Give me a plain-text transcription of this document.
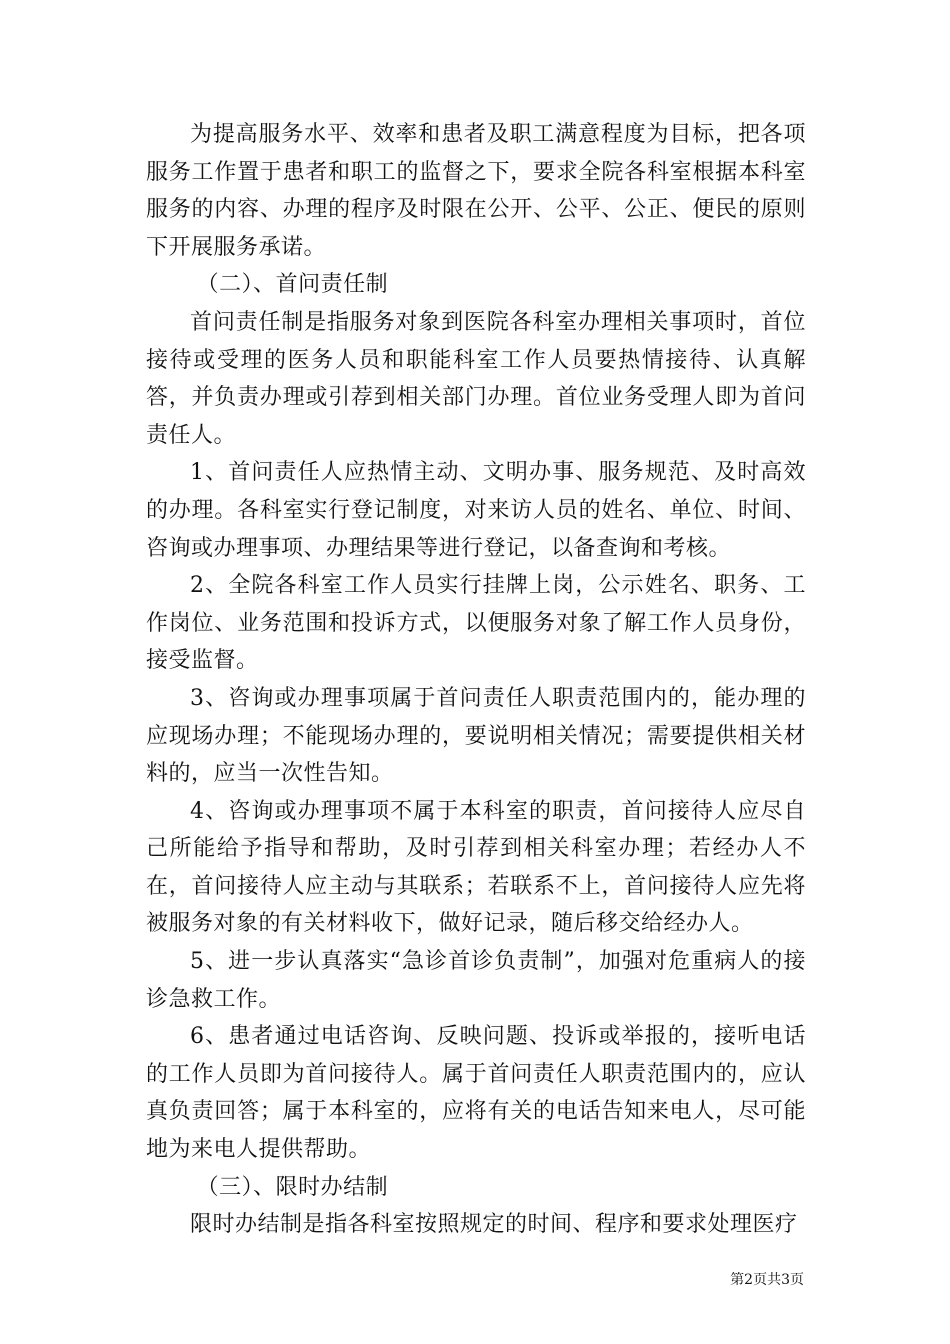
为提高服务水平、效率和患者及职工满意程度为目标，把各项服务工作置于患者和职工的监督之下，要求全院各科室根据本科室服务的内容、办理的程序及时限在公开、公平、公正、便民的原则下开展服务承诺。

（二）、首问责任制

首问责任制是指服务对象到医院各科室办理相关事项时，首位接待或受理的医务人员和职能科室工作人员要热情接待、认真解答，并负责办理或引荐到相关部门办理。首位业务受理人即为首问责任人。

1、首问责任人应热情主动、文明办事、服务规范、及时高效的办理。各科室实行登记制度，对来访人员的姓名、单位、时间、咨询或办理事项、办理结果等进行登记，以备查询和考核。

2、全院各科室工作人员实行挂牌上岗，公示姓名、职务、工作岗位、业务范围和投诉方式，以便服务对象了解工作人员身份，接受监督。

3、咨询或办理事项属于首问责任人职责范围内的，能办理的应现场办理；不能现场办理的，要说明相关情况；需要提供相关材料的，应当一次性告知。

4、咨询或办理事项不属于本科室的职责，首问接待人应尽自己所能给予指导和帮助，及时引荐到相关科室办理；若经办人不在，首问接待人应主动与其联系；若联系不上，首问接待人应先将被服务对象的有关材料收下，做好记录，随后移交给经办人。

5、进一步认真落实“急诊首诊负责制”，加强对危重病人的接诊急救工作。

6、患者通过电话咨询、反映问题、投诉或举报的，接听电话的工作人员即为首问接待人。属于首问责任人职责范围内的，应认真负责回答；属于本科室的，应将有关的电话告知来电人，尽可能地为来电人提供帮助。

（三）、限时办结制

限时办结制是指各科室按照规定的时间、程序和要求处理医疗

第2页共3页
